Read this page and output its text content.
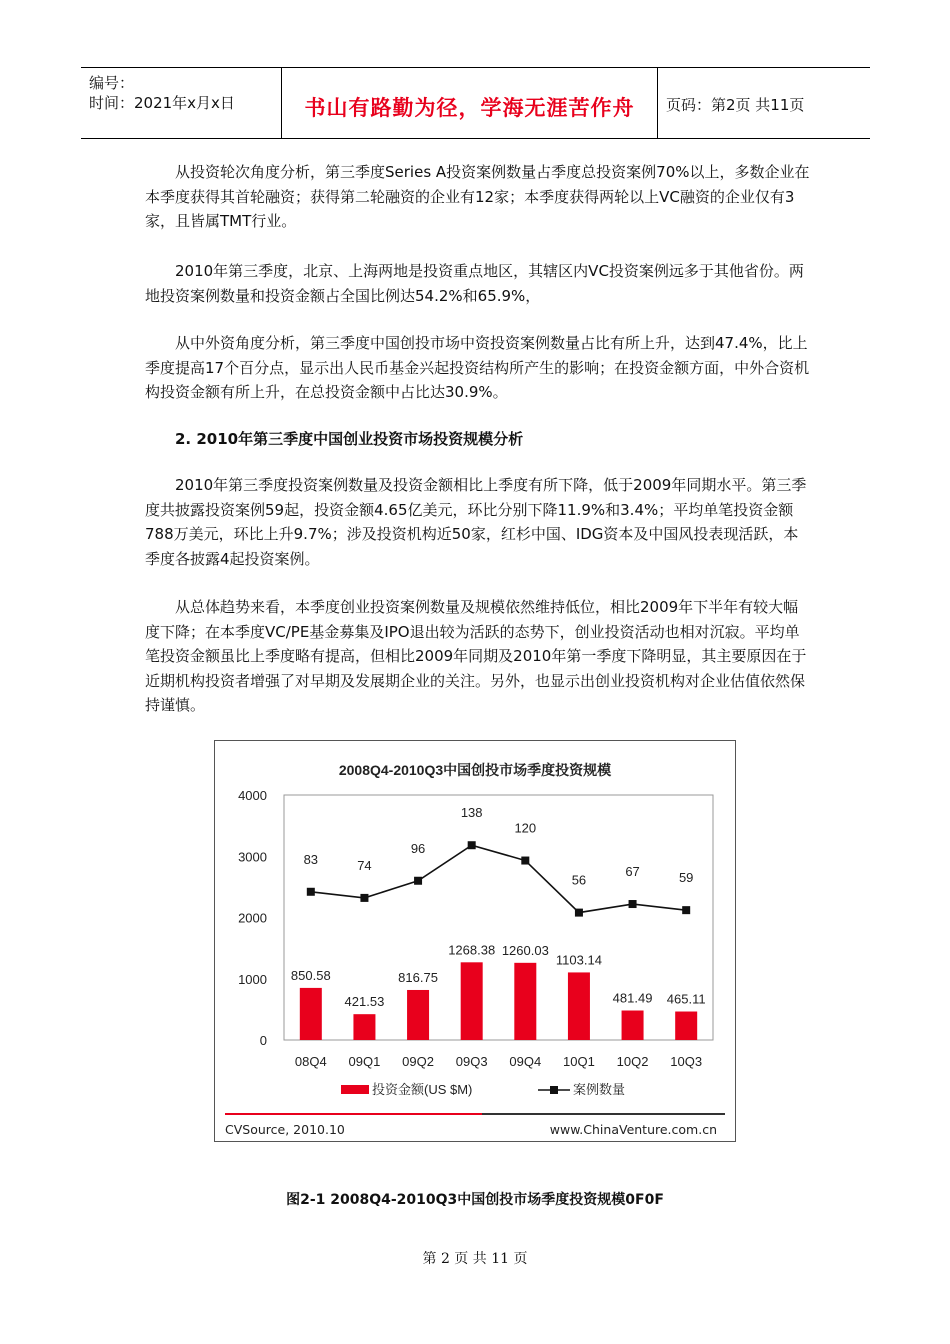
编号：
时间：2021年x月x日	书山有路勤为径，学海无涯苦作舟	页码：第2页 共11页

从投资轮次角度分析，第三季度Series A投资案例数量占季度总投资案例70%以上，多数企业在本季度获得其首轮融资；获得第二轮融资的企业有12家；本季度获得两轮以上VC融资的企业仅有3家，且皆属TMT行业。

2010年第三季度，北京、上海两地是投资重点地区，其辖区内VC投资案例远多于其他省份。两地投资案例数量和投资金额占全国比例达54.2%和65.9%，

从中外资角度分析，第三季度中国创投市场中资投资案例数量占比有所上升，达到47.4%，比上季度提高17个百分点，显示出人民币基金兴起投资结构所产生的影响；在投资金额方面，中外合资机构投资金额有所上升，在总投资金额中占比达30.9%。

2. 2010年第三季度中国创业投资市场投资规模分析

2010年第三季度投资案例数量及投资金额相比上季度有所下降，低于2009年同期水平。第三季度共披露投资案例59起，投资金额4.65亿美元，环比分别下降11.9%和3.4%；平均单笔投资金额788万美元，环比上升9.7%；涉及投资机构近50家，红杉中国、IDG资本及中国风投表现活跃，本季度各披露4起投资案例。

从总体趋势来看，本季度创业投资案例数量及规模依然维持低位，相比2009年下半年有较大幅度下降；在本季度VC/PE基金募集及IPO退出较为活跃的态势下，创业投资活动也相对沉寂。平均单笔投资金额虽比上季度略有提高，但相比2009年同期及2010年第一季度下降明显，其主要原因在于近期机构投资者增强了对早期及发展期企业的关注。另外，也显示出创业投资机构对企业估值依然保持谨慎。

2008Q4-2010Q3中国创投市场季度投资规模
4000
3000
2000
1000
0
850.58
421.53
816.75
1268.38 1260.03
1103.14
481.49 465.11
83	74
96
138
120
56
67	59
08Q4 09Q1 09Q2 09Q3 09Q4 10Q1 10Q2 10Q3
投资金额(US $M)	案例数量
CVSource, 2010.10	www.ChinaVenture.com.cn
图2-1 2008Q4-2010Q3中国创投市场季度投资规模0F0F
第 2 页 共 11 页
